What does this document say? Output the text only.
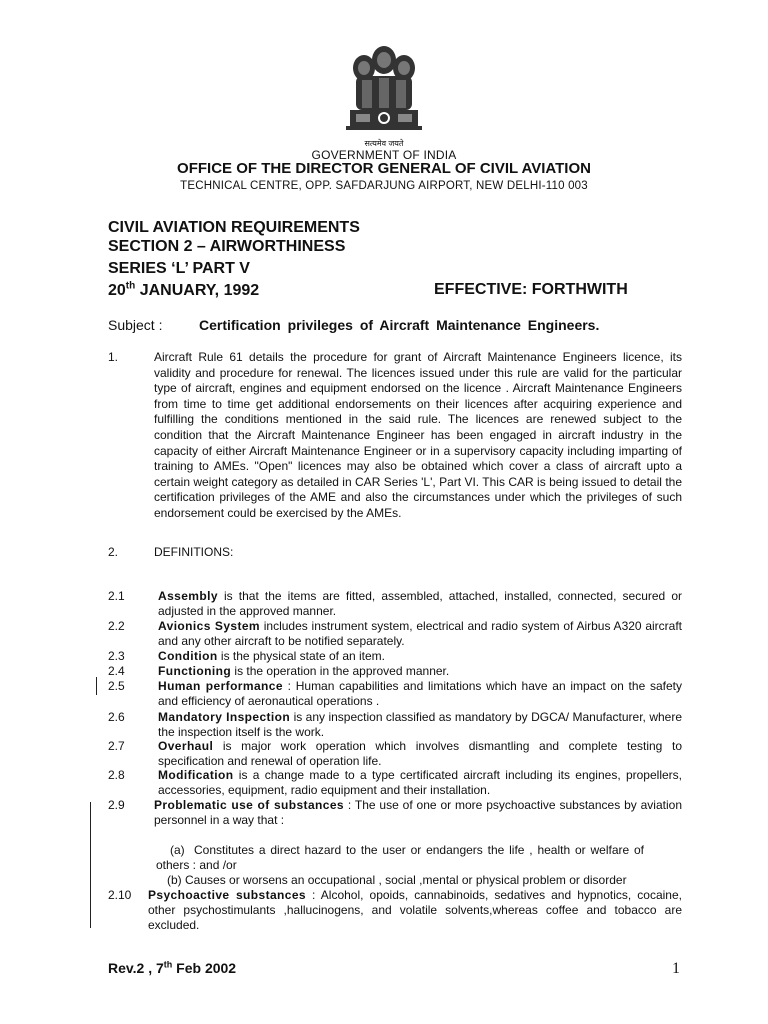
सत्यमेव जयते
GOVERNMENT OF INDIA
OFFICE OF THE DIRECTOR GENERAL OF CIVIL AVIATION
TECHNICAL CENTRE, OPP. SAFDARJUNG AIRPORT, NEW DELHI-110 003
CIVIL AVIATION REQUIREMENTS
SECTION 2 – AIRWORTHINESS
SERIES ‘L’ PART V
20th JANUARY, 1992	EFFECTIVE: FORTHWITH
Subject :	Certification privileges of Aircraft Maintenance Engineers.
1.	Aircraft Rule 61 details the procedure for grant of Aircraft Maintenance Engineers licence, its validity and procedure for renewal. The licences issued under this rule are valid for the particular type of aircraft, engines and equipment endorsed on the licence . Aircraft Maintenance Engineers from time to time get additional endorsements on their licences after acquiring experience and fulfilling the conditions mentioned in the said rule. The licences are renewed subject to the condition that the Aircraft Maintenance Engineer has been engaged in aircraft industry in the capacity of either Aircraft Maintenance Engineer or in a supervisory capacity including imparting of training to AMEs. "Open" licences may also be obtained which cover a class of aircraft upto a certain weight category as detailed in CAR Series 'L', Part VI. This CAR is being issued to detail the certification privileges of the AME and also the circumstances under which the privileges of such endorsement could be exercised by the AMEs.
2.	DEFINITIONS:
2.1	Assembly is that the items are fitted, assembled, attached, installed, connected, secured or adjusted in the approved manner.
2.2	Avionics System includes instrument system, electrical and radio system of Airbus A320 aircraft and any other aircraft to be notified separately.
2.3	Condition is the physical state of an item.
2.4	Functioning is the operation in the approved manner.
2.5	Human performance : Human capabilities and limitations which have an impact on the safety and efficiency of aeronautical operations .
2.6	Mandatory Inspection is any inspection classified as mandatory by DGCA/ Manufacturer, where the inspection itself is the work.
2.7	Overhaul is major work operation which involves dismantling and complete testing to specification and renewal of operation life.
2.8	Modification is a change made to a type certificated aircraft including its engines, propellers, accessories, equipment, radio equipment and their installation.
2.9 Problematic use of substances : The use of one or more psychoactive substances by aviation personnel in a way that :
(a) Constitutes a direct hazard to the user or endangers the life , health or welfare of others : and /or
(b) Causes or worsens an occupational , social ,mental or physical problem or disorder
2.10 Psychoactive substances : Alcohol, opoids, cannabinoids, sedatives and hypnotics, cocaine, other psychostimulants ,hallucinogens, and volatile solvents,whereas coffee and tobacco are excluded.
Rev.2 , 7th Feb 2002	1
